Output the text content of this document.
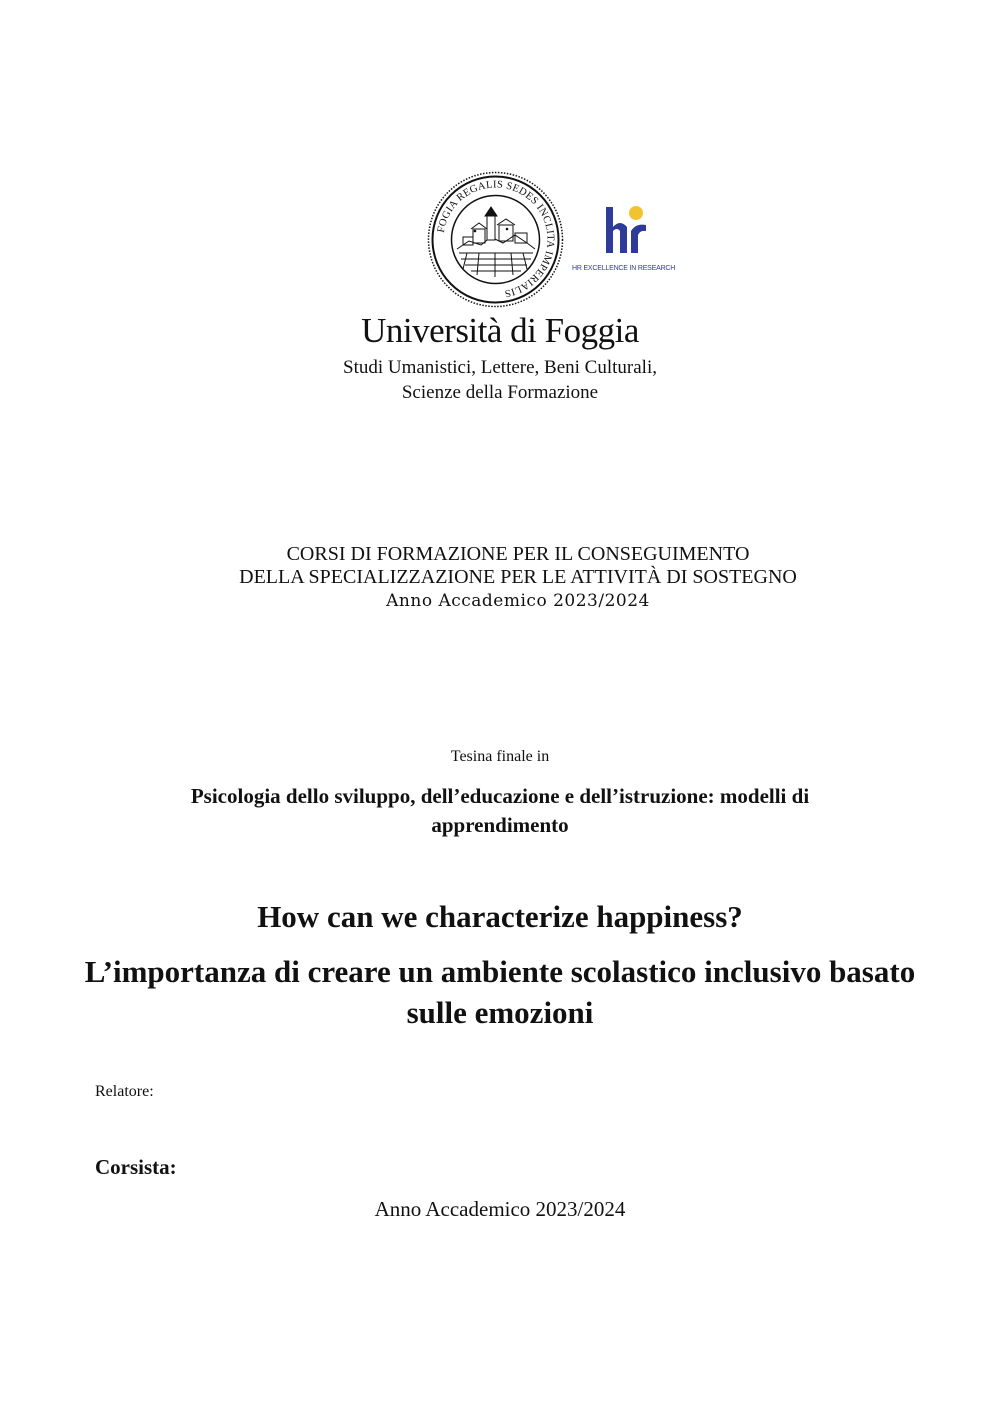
FOGIA REGALIS SEDES INCLITA IMPERIALIS
HR EXCELLENCE IN RESEARCH
Università di Foggia
Studi Umanistici, Lettere, Beni Culturali,
Scienze della Formazione
CORSI DI FORMAZIONE PER IL CONSEGUIMENTO
DELLA SPECIALIZZAZIONE PER LE ATTIVITÀ DI SOSTEGNO
Anno Accademico 2023/2024
Tesina finale in
Psicologia dello sviluppo, dell’educazione e dell’istruzione: modelli di apprendimento
How can we characterize happiness?
L’importanza di creare un ambiente scolastico inclusivo basato sulle emozioni
Relatore:
Corsista:
Anno Accademico 2023/2024
